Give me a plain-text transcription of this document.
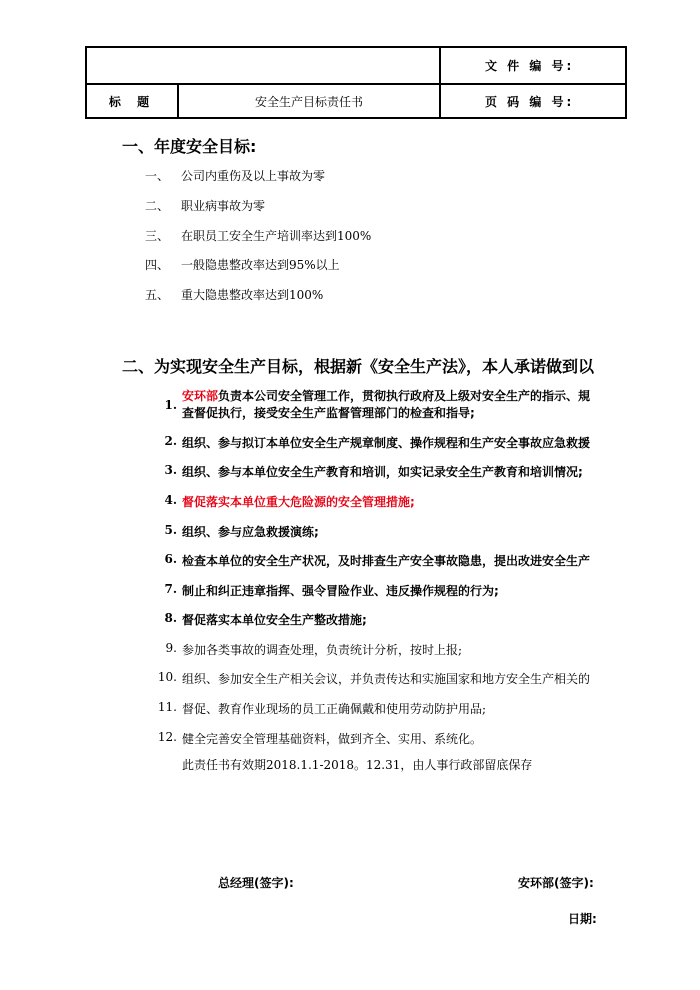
		文 件 编 号:
标 题	安全生产目标责任书	页 码 编 号:
一、年度安全目标:
一、 公司内重伤及以上事故为零
二、 职业病事故为零
三、 在职员工安全生产培训率达到100%
四、 一般隐患整改率达到95%以上
五、 重大隐患整改率达到100%
二、为实现安全生产目标，根据新《安全生产法》，本人承诺做到以
1.
安环部负责本公司安全管理工作，贯彻执行政府及上级对安全生产的指示、規
查督促执行，接受安全生产监督管理部门的检查和指导;
2. 组织、参与拟订本单位安全生产规章制度、操作规程和生产安全事故应急救援
3. 组织、参与本单位安全生产教育和培训，如实记录安全生产教育和培训情况;
4. 督促落实本单位重大危险源的安全管理措施;
5. 组织、参与应急救援演练;
6. 检查本单位的安全生产状况，及时排查生产安全事故隐患，提出改进安全生产
7. 制止和纠正违章指挥、强令冒险作业、违反操作规程的行为;
8. 督促落实本单位安全生产整改措施;
9. 参加各类事故的调查处理，负责统计分析，按时上报;
10. 组织、参加安全生产相关会议，并负责传达和实施国家和地方安全生产相关的
11. 督促、教育作业现场的员工正确佩戴和使用劳动防护用品;
12. 健全完善安全管理基础资料，做到齐全、实用、系统化。
此责任书有效期2018.1.1-2018。12.31，由人事行政部留底保存
总经理(签字):	安环部(签字):
日期:
